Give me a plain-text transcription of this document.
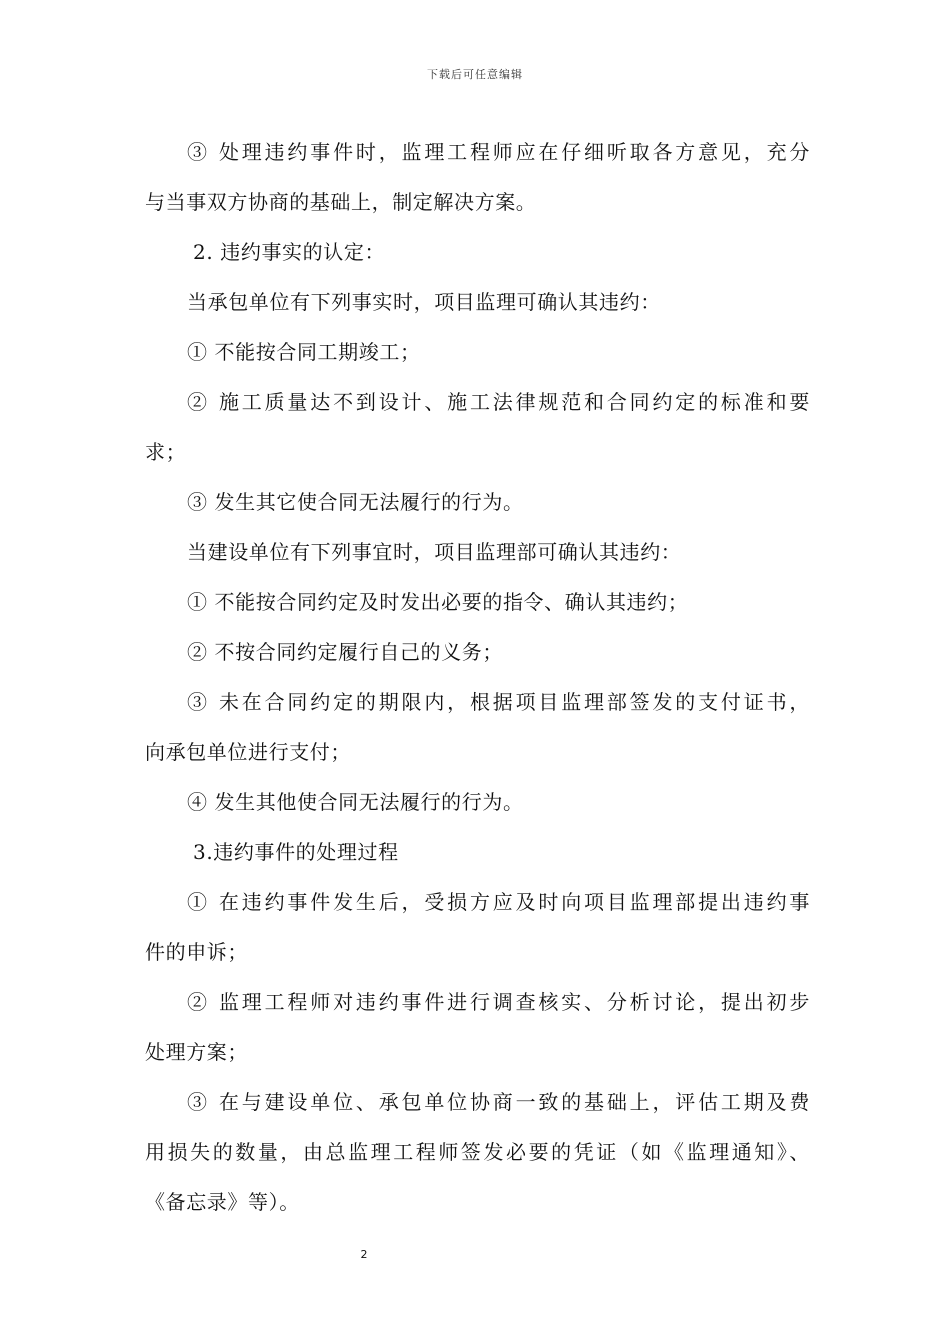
下载后可任意编辑
③ 处理违约事件时，监理工程师应在仔细听取各方意见，充分
与当事双方协商的基础上，制定解决方案。
2. 违约事实的认定：
当承包单位有下列事实时，项目监理可确认其违约：
① 不能按合同工期竣工；
② 施工质量达不到设计、施工法律规范和合同约定的标准和要
求；
③ 发生其它使合同无法履行的行为。
当建设单位有下列事宜时，项目监理部可确认其违约：
① 不能按合同约定及时发出必要的指令、确认其违约；
② 不按合同约定履行自己的义务；
③ 未在合同约定的期限内，根据项目监理部签发的支付证书，
向承包单位进行支付；
④ 发生其他使合同无法履行的行为。
3.违约事件的处理过程
① 在违约事件发生后，受损方应及时向项目监理部提出违约事
件的申诉；
② 监理工程师对违约事件进行调查核实、分析讨论，提出初步
处理方案；
③ 在与建设单位、承包单位协商一致的基础上，评估工期及费
用损失的数量，由总监理工程师签发必要的凭证（如《监理通知》、
《备忘录》等）。
2
